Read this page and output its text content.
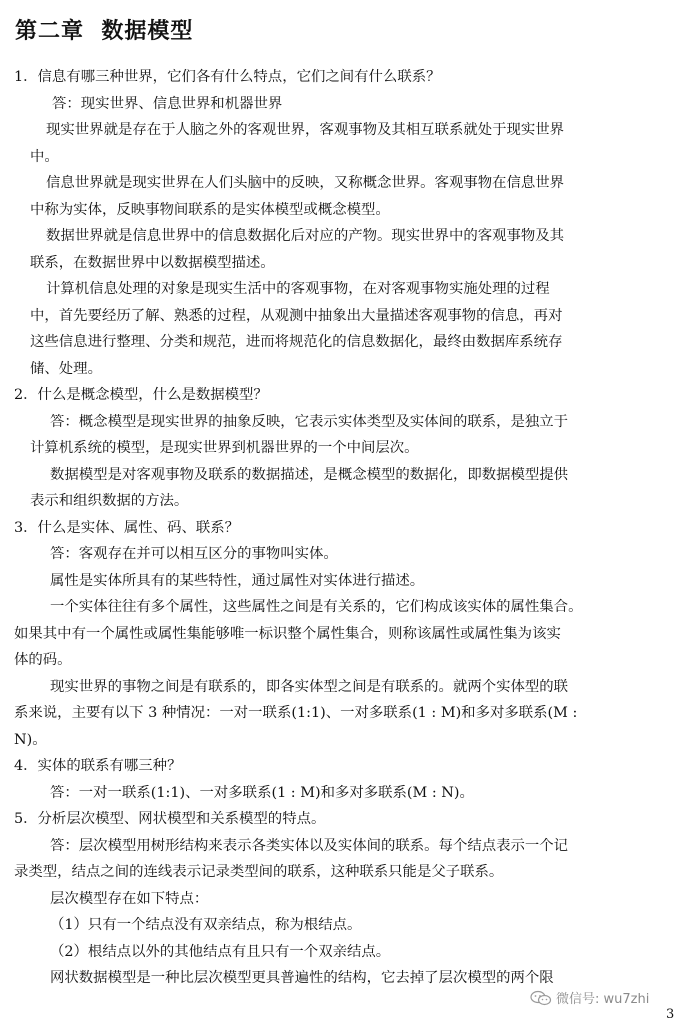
第二章  数据模型
1．信息有哪三种世界，它们各有什么特点，它们之间有什么联系？
答：现实世界、信息世界和机器世界
现实世界就是存在于人脑之外的客观世界，客观事物及其相互联系就处于现实世界
中。
信息世界就是现实世界在人们头脑中的反映，又称概念世界。客观事物在信息世界
中称为实体，反映事物间联系的是实体模型或概念模型。
数据世界就是信息世界中的信息数据化后对应的产物。现实世界中的客观事物及其
联系，在数据世界中以数据模型描述。
计算机信息处理的对象是现实生活中的客观事物，在对客观事物实施处理的过程
中，首先要经历了解、熟悉的过程，从观测中抽象出大量描述客观事物的信息，再对
这些信息进行整理、分类和规范，进而将规范化的信息数据化，最终由数据库系统存
储、处理。
2．什么是概念模型，什么是数据模型？
答：概念模型是现实世界的抽象反映，它表示实体类型及实体间的联系，是独立于
计算机系统的模型，是现实世界到机器世界的一个中间层次。
数据模型是对客观事物及联系的数据描述，是概念模型的数据化，即数据模型提供
表示和组织数据的方法。
3．什么是实体、属性、码、联系？
答：客观存在并可以相互区分的事物叫实体。
属性是实体所具有的某些特性，通过属性对实体进行描述。
一个实体往往有多个属性，这些属性之间是有关系的，它们构成该实体的属性集合。
如果其中有一个属性或属性集能够唯一标识整个属性集合，则称该属性或属性集为该实
体的码。
现实世界的事物之间是有联系的，即各实体型之间是有联系的。就两个实体型的联
系来说，主要有以下 3 种情况：一对一联系(1:1)、一对多联系(1 : M)和多对多联系(M :
N)。
4．实体的联系有哪三种？
答：一对一联系(1:1)、一对多联系(1 : M)和多对多联系(M : N)。
5．分析层次模型、网状模型和关系模型的特点。
答：层次模型用树形结构来表示各类实体以及实体间的联系。每个结点表示一个记
录类型，结点之间的连线表示记录类型间的联系，这种联系只能是父子联系。
层次模型存在如下特点：
（1）只有一个结点没有双亲结点，称为根结点。
（2）根结点以外的其他结点有且只有一个双亲结点。
网状数据模型是一种比层次模型更具普遍性的结构，它去掉了层次模型的两个限
微信号: wu7zhi
3
